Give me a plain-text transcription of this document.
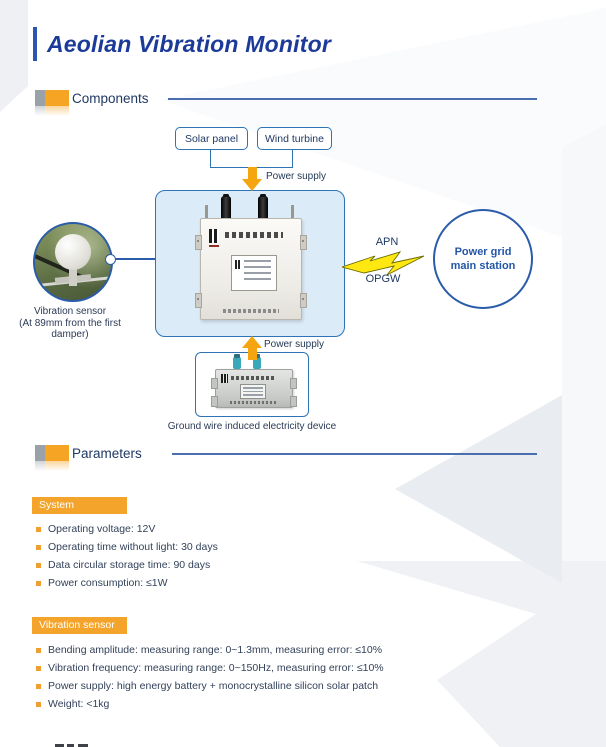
Aeolian Vibration Monitor
Components
Solar panel	Wind turbine
Power supply
Vibration sensor
(At 89mm from the first damper)
APN
OPGW
Power grid
main station
Power supply
Ground wire induced electricity device
Parameters
System
Operating voltage: 12V
Operating time without light: 30 days
Data circular storage time: 90 days
Power consumption: ≤1W
Vibration sensor
Bending amplitude: measuring range: 0~1.3mm, measuring error: ≤10%
Vibration frequency: measuring range: 0~150Hz, measuring error: ≤10%
Power supply: high energy battery + monocrystalline silicon solar patch
Weight: <1kg
